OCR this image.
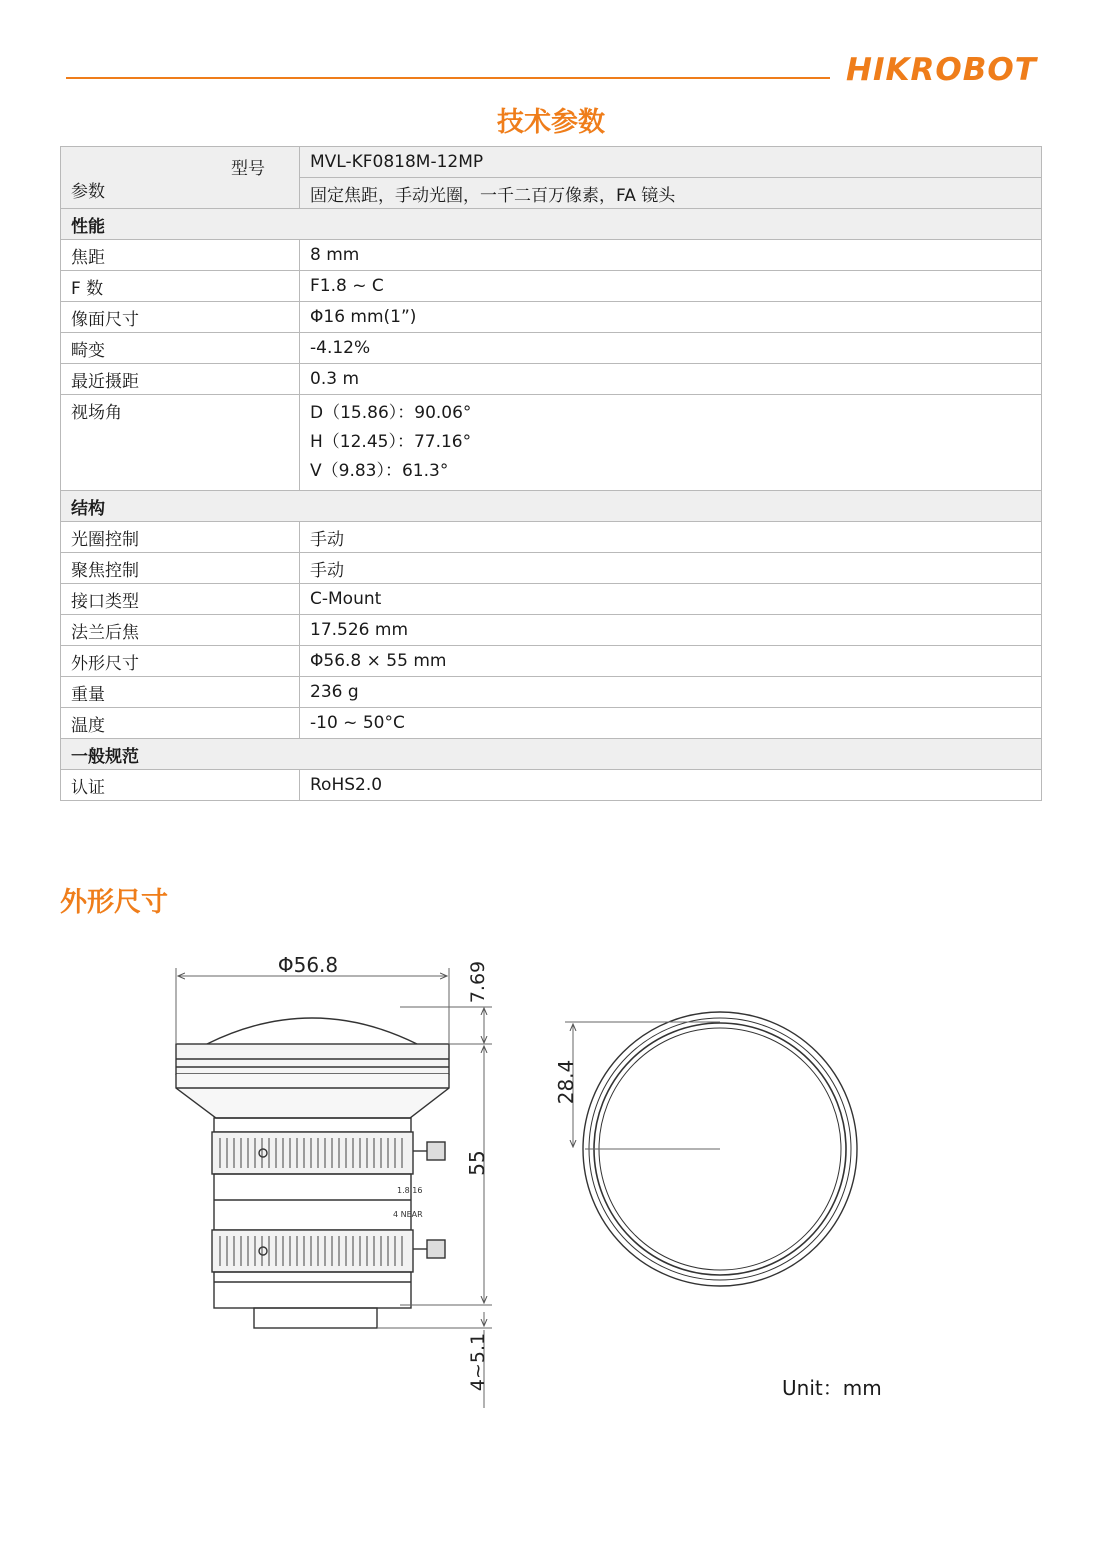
HIKROBOT
技术参数
型号
参数	MVL-KF0818M-12MP
	固定焦距，手动光圈，一千二百万像素，FA 镜头
性能	
焦距	8 mm
F 数	F1.8 ~ C
像面尺寸	Φ16 mm(1”)
畸变	-4.12%
最近摄距	0.3 m
视场角	D（15.86）：90.06°
H（12.45）：77.16°
V（9.83）：61.3°

结构	
光圈控制	手动
聚焦控制	手动
接口类型	C-Mount
法兰后焦	17.526 mm
外形尺寸	Φ56.8 × 55 mm
重量	236 g
温度	-10 ~ 50°C
一般规范	
认证	RoHS2.0
外形尺寸
1.8 16
4 NEAR
Φ56.8	7.69
55
4~5.1
28.4
Unit：mm
